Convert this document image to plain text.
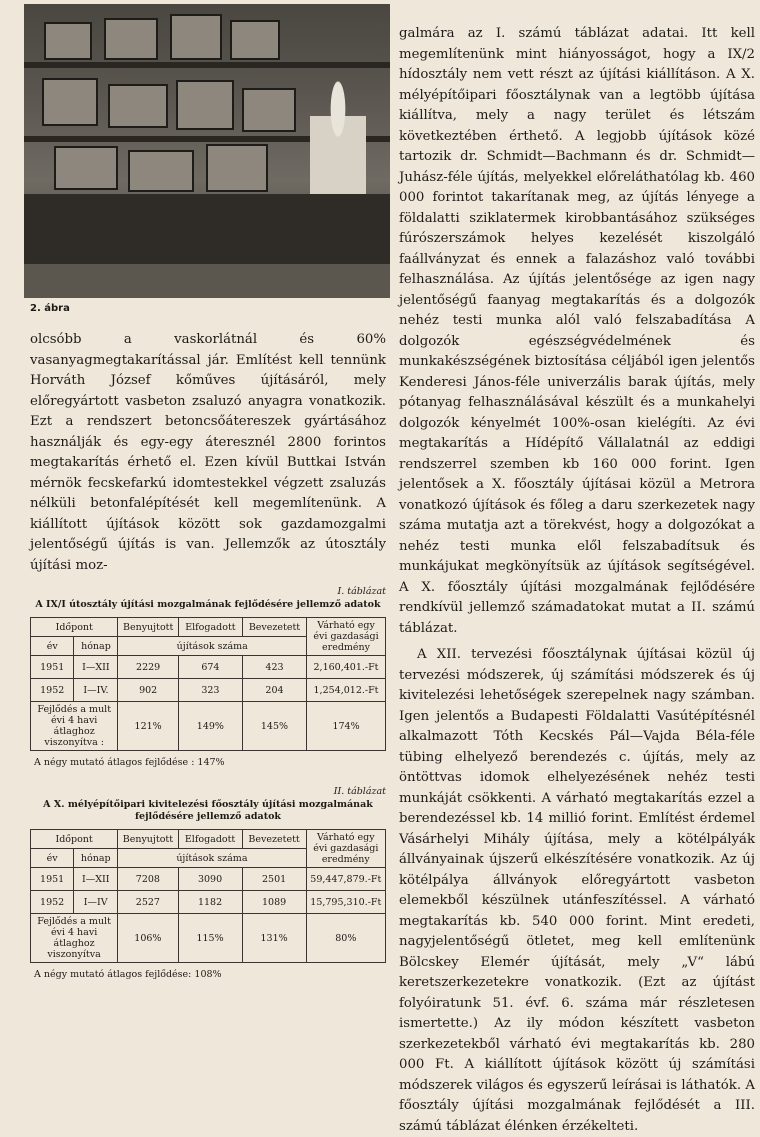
2. ábra

olcsóbb a vaskorlátnál és 60% vasanyagmegtakarítással jár. Említést kell tennünk Horváth József kőműves újításáról, mely előregyártott vasbeton zsaluzó anyagra vonatkozik. Ezt a rendszert betoncsőátereszek gyártásához használják és egy-egy áteresznél 2800 forintos megtakarítás érhető el. Ezen kívül Buttkai István mérnök fecskefarkú idomtestekkel végzett zsaluzás nélküli betonfalépítését kell megemlítenünk. A kiállított újítások között sok gazdamozgalmi jelentőségű újítás is van. Jellemzők az útosztály újítási moz-

I. táblázat
A IX/I útosztály újítási mozgalmának fejlődésére jellemző adatok
Időpont		Benyujtott	Elfogadott	Bevezetett	Várható egy évi gazdasági eredmény
év	hónap	újítások száma			
1951	I—XII	2229	674	423	2,160,401.-Ft
1952	I—IV.	902	323	204	1,254,012.-Ft
Fejlődés a mult évi 4 havi átlaghoz viszonyítva :		121%	149%	145%	174%
A négy mutató átlagos fejlődése : 147%
II. táblázat
A X. mélyépítőipari kivitelezési főosztály újítási mozgalmának fejlődésére jellemző adatok
Időpont		Benyujtott	Elfogadott	Bevezetett	Várható egy évi gazdasági eredmény
év	hónap	újítások száma			
1951	I—XII	7208	3090	2501	59,447,879.-Ft
1952	I—IV	2527	1182	1089	15,795,310.-Ft
Fejlődés a mult évi 4 havi átlaghoz viszonyítva		106%	115%	131%	80%
A négy mutató átlagos fejlődése: 108%

galmára az I. számú táblázat adatai. Itt kell megemlítenünk mint hiányosságot, hogy a IX/2 hídosztály nem vett részt az újítási kiállításon. A X. mélyépítőipari főosztálynak van a legtöbb újítása kiállítva, mely a nagy terület és létszám következtében érthető. A legjobb újítások közé tartozik dr. Schmidt—Bachmann és dr. Schmidt—Juhász-féle újítás, melyekkel előreláthatólag kb. 460 000 forintot takarítanak meg, az újítás lényege a földalatti sziklatermek kirobbantásához szükséges fúrószerszámok helyes kezelését kiszolgáló faállványzat és ennek a falazáshoz való további felhasználása. Az újítás jelentősége az igen nagy jelentőségű faanyag megtakarítás és a dolgozók nehéz testi munka alól való felszabadítása A dolgozók egészségvédelmének és munkakészségének biztosítása céljából igen jelentős Kenderesi János-féle univerzális barak újítás, mely pótanyag felhasználásával készült és a munkahelyi dolgozók kényelmét 100%-osan kielégíti. Az évi megtakarítás a Hídépítő Vállalatnál az eddigi rendszerrel szemben kb 160 000 forint. Igen jelentősek a X. főosztály újításai közül a Metrora vonatkozó újítások és főleg a daru szerkezetek nagy száma mutatja azt a törekvést, hogy a dolgozókat a nehéz testi munka elől felszabadítsuk és munkájukat megkönyítsük az újítások segítségével. A X. főosztály újítási mozgalmának fejlődésére rendkívül jellemző számadatokat mutat a II. számú táblázat.

A XII. tervezési főosztálynak újításai közül új tervezési módszerek, új számítási módszerek és új kivitelezési lehetőségek szerepelnek nagy számban. Igen jelentős a Budapesti Földalatti Vasútépítésnél alkalmazott Tóth Kecskés Pál—Vajda Béla-féle tübing elhelyező berendezés c. újítás, mely az öntöttvas idomok elhelyezésének nehéz testi munkáját csökkenti. A várható megtakarítás ezzel a berendezéssel kb. 14 millió forint. Említést érdemel Vásárhelyi Mihály újítása, mely a kötélpályák állványainak újszerű elkészítésére vonatkozik. Az új kötélpálya állványok előregyártott vasbeton elemekből készülnek utánfeszítéssel. A várható megtakarítás kb. 540 000 forint. Mint eredeti, nagyjelentőségű ötletet, meg kell említenünk Bölcskey Elemér újítását, mely „V“ lábú keretszerkezetekre vonatkozik. (Ezt az újítást folyóiratunk 51. évf. 6. száma már részletesen ismertette.) Az ily módon készített vasbeton szerkezetekből várható évi megtakarítás kb. 280 000 Ft. A kiállított újítások között új számítási módszerek világos és egyszerű leírásai is láthatók. A főosztály újítási mozgalmának fejlődését a III. számú táblázat élénken érzékelteti.
